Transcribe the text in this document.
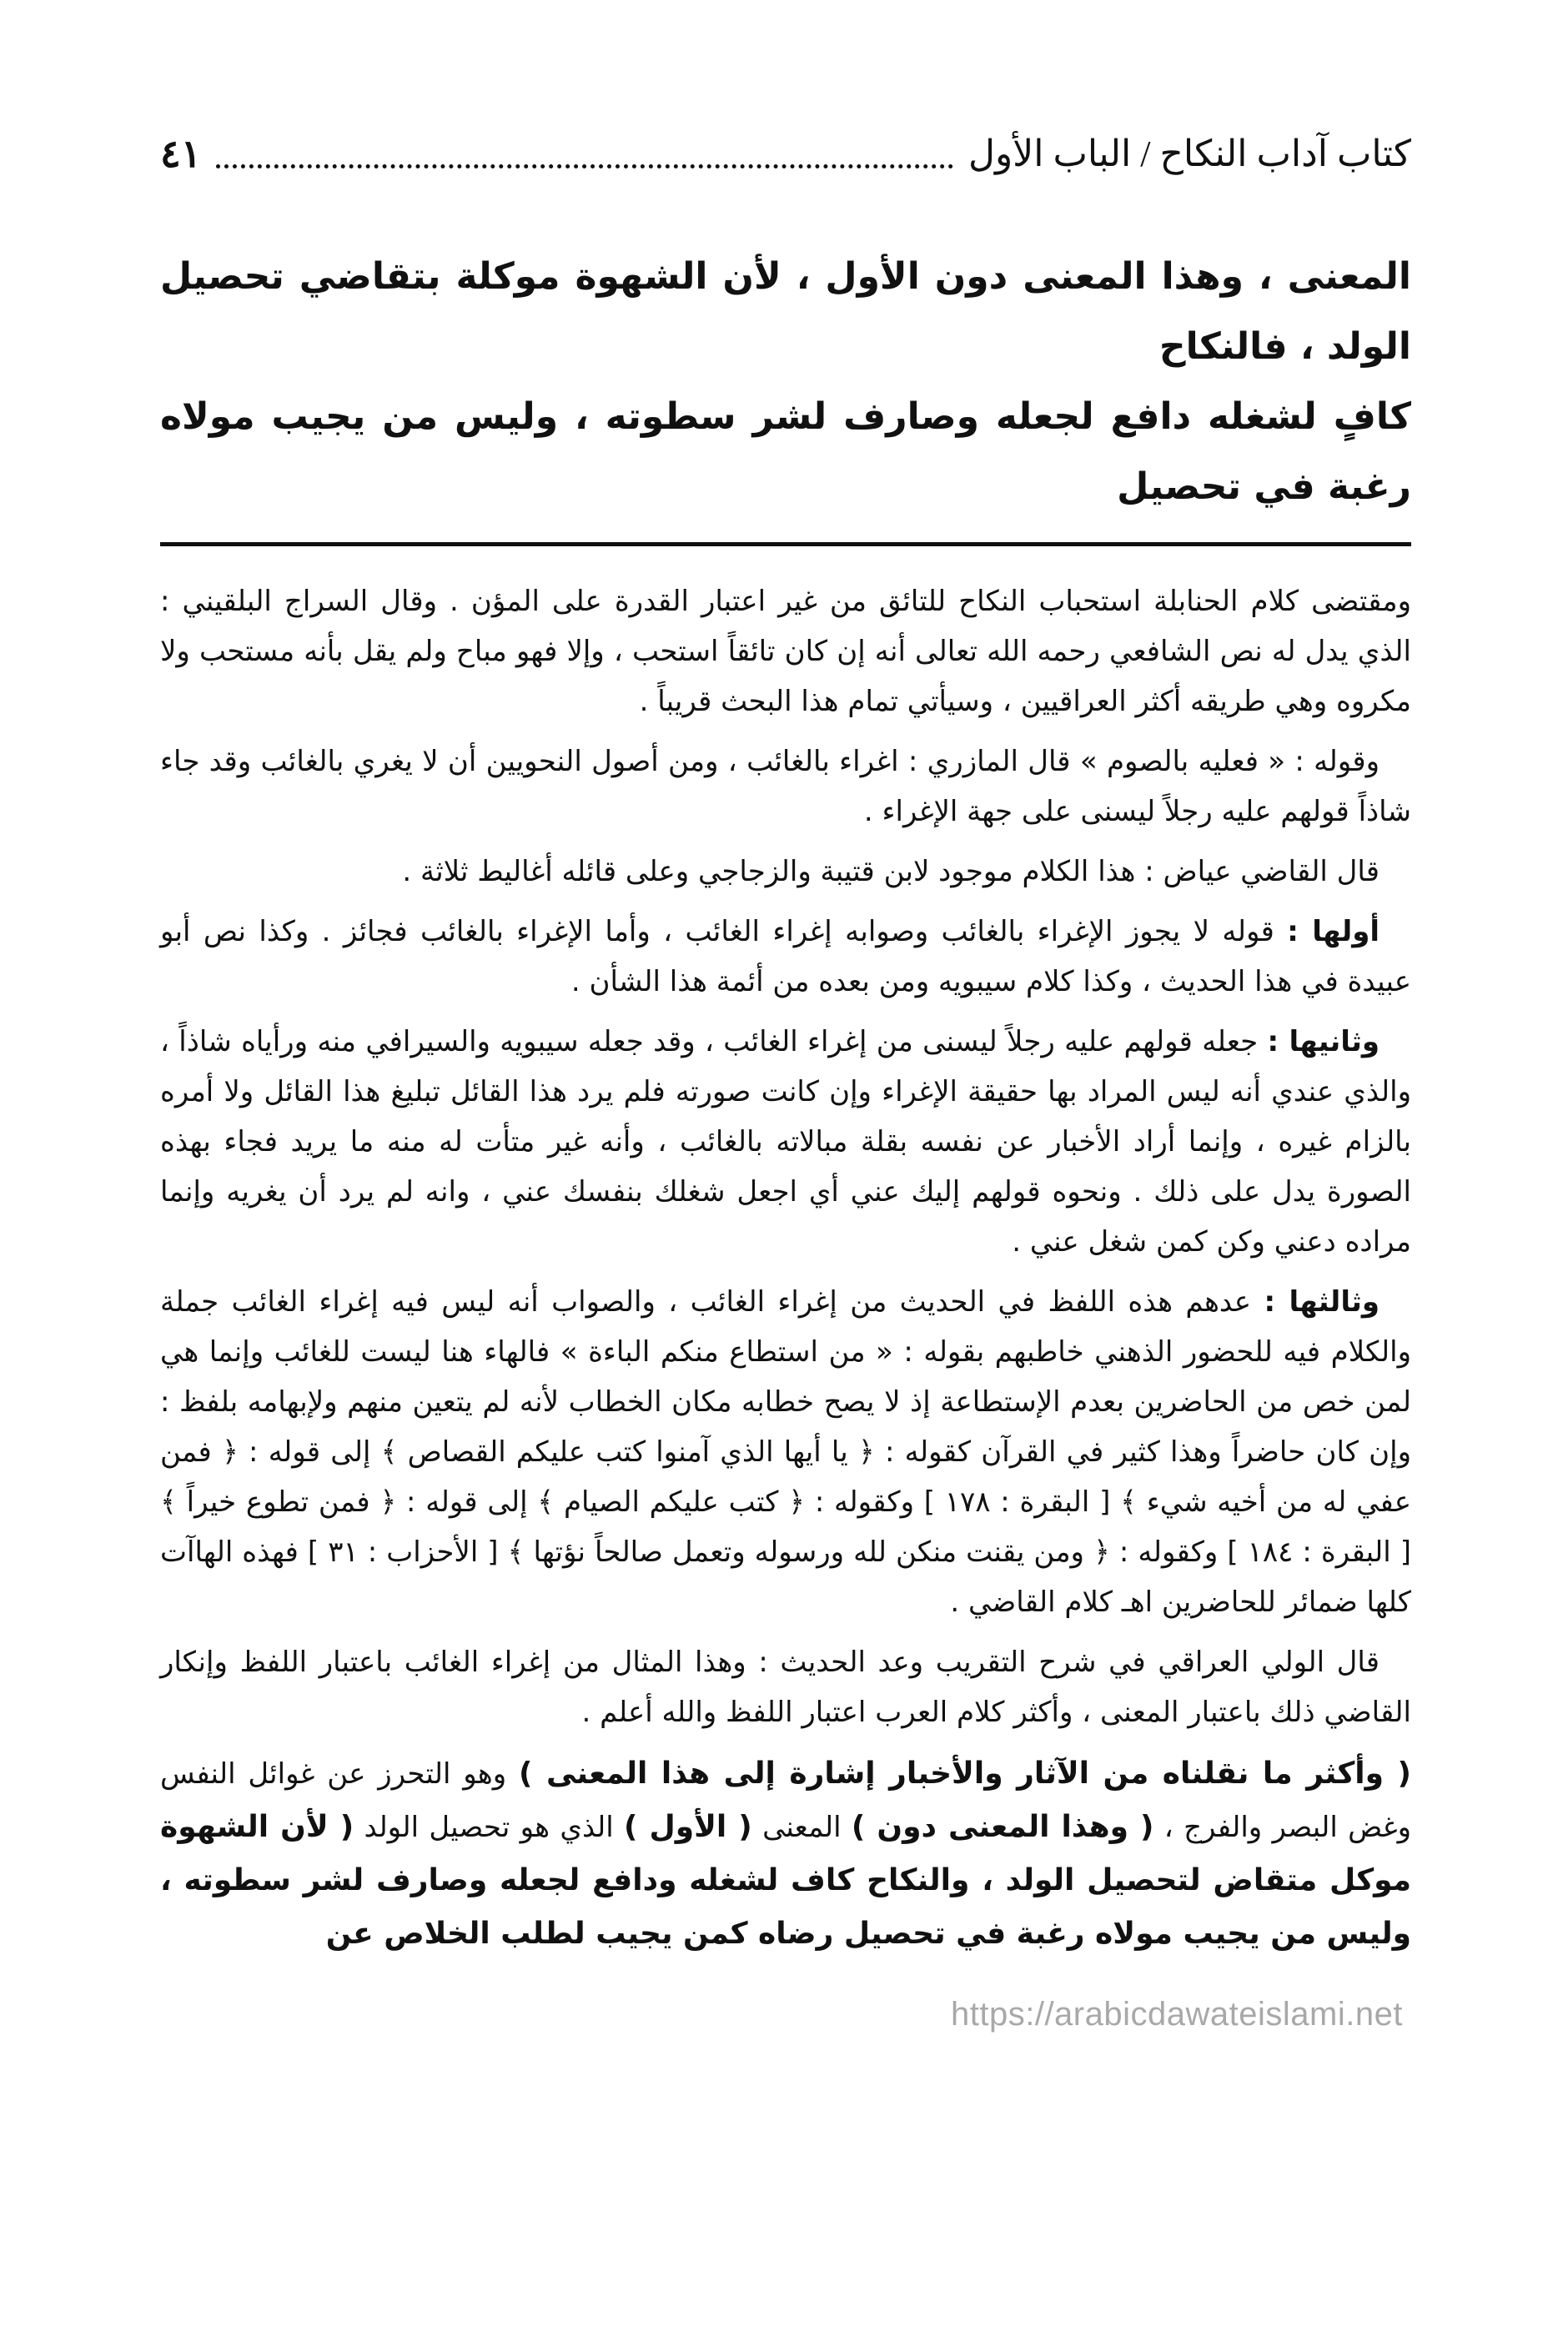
كتاب آداب النكاح / الباب الأول
٤١

المعنى ، وهذا المعنى دون الأول ، لأن الشهوة موكلة بتقاضي تحصيل الولد ، فالنكاح

كافٍ لشغله دافع لجعله وصارف لشر سطوته ، وليس من يجيب مولاه رغبة في تحصيل

ومقتضى كلام الحنابلة استحباب النكاح للتائق من غير اعتبار القدرة على المؤن . وقال السراج البلقيني : الذي يدل له نص الشافعي رحمه الله تعالى أنه إن كان تائقاً استحب ، وإلا فهو مباح ولم يقل بأنه مستحب ولا مكروه وهي طريقه أكثر العراقيين ، وسيأتي تمام هذا البحث قريباً .

وقوله : « فعليه بالصوم » قال المازري : اغراء بالغائب ، ومن أصول النحويين أن لا يغري بالغائب وقد جاء شاذاً قولهم عليه رجلاً ليسنى على جهة الإغراء .

قال القاضي عياض : هذا الكلام موجود لابن قتيبة والزجاجي وعلى قائله أغاليط ثلاثة .

أولها : قوله لا يجوز الإغراء بالغائب وصوابه إغراء الغائب ، وأما الإغراء بالغائب فجائز . وكذا نص أبو عبيدة في هذا الحديث ، وكذا كلام سيبويه ومن بعده من أئمة هذا الشأن .

وثانيها : جعله قولهم عليه رجلاً ليسنى من إغراء الغائب ، وقد جعله سيبويه والسيرافي منه ورأياه شاذاً ، والذي عندي أنه ليس المراد بها حقيقة الإغراء وإن كانت صورته فلم يرد هذا القائل تبليغ هذا القائل ولا أمره بالزام غيره ، وإنما أراد الأخبار عن نفسه بقلة مبالاته بالغائب ، وأنه غير متأت له منه ما يريد فجاء بهذه الصورة يدل على ذلك . ونحوه قولهم إليك عني أي اجعل شغلك بنفسك عني ، وانه لم يرد أن يغريه وإنما مراده دعني وكن كمن شغل عني .

وثالثها : عدهم هذه اللفظ في الحديث من إغراء الغائب ، والصواب أنه ليس فيه إغراء الغائب جملة والكلام فيه للحضور الذهني خاطبهم بقوله : « من استطاع منكم الباءة » فالهاء هنا ليست للغائب وإنما هي لمن خص من الحاضرين بعدم الإستطاعة إذ لا يصح خطابه مكان الخطاب لأنه لم يتعين منهم ولإبهامه بلفظ : وإن كان حاضراً وهذا كثير في القرآن كقوله : ﴿ يا أيها الذي آمنوا كتب عليكم القصاص ﴾ إلى قوله : ﴿ فمن عفي له من أخيه شيء ﴾ [ البقرة : ١٧٨ ] وكقوله : ﴿ كتب عليكم الصيام ﴾ إلى قوله : ﴿ فمن تطوع خيراً ﴾ [ البقرة : ١٨٤ ] وكقوله : ﴿ ومن يقنت منكن لله ورسوله وتعمل صالحاً نؤتها ﴾ [ الأحزاب : ٣١ ] فهذه الهاآت كلها ضمائر للحاضرين اهـ كلام القاضي .

قال الولي العراقي في شرح التقريب وعد الحديث : وهذا المثال من إغراء الغائب باعتبار اللفظ وإنكار القاضي ذلك باعتبار المعنى ، وأكثر كلام العرب اعتبار اللفظ والله أعلم .

( وأكثر ما نقلناه من الآثار والأخبار إشارة إلى هذا المعنى ) وهو التحرز عن غوائل النفس وغض البصر والفرج ، ( وهذا المعنى دون ) المعنى ( الأول ) الذي هو تحصيل الولد ( لأن الشهوة موكل متقاض لتحصيل الولد ، والنكاح كاف لشغله ودافع لجعله وصارف لشر سطوته ، وليس من يجيب مولاه رغبة في تحصيل رضاه كمن يجيب لطلب الخلاص عن

https://arabicdawateislami.net
